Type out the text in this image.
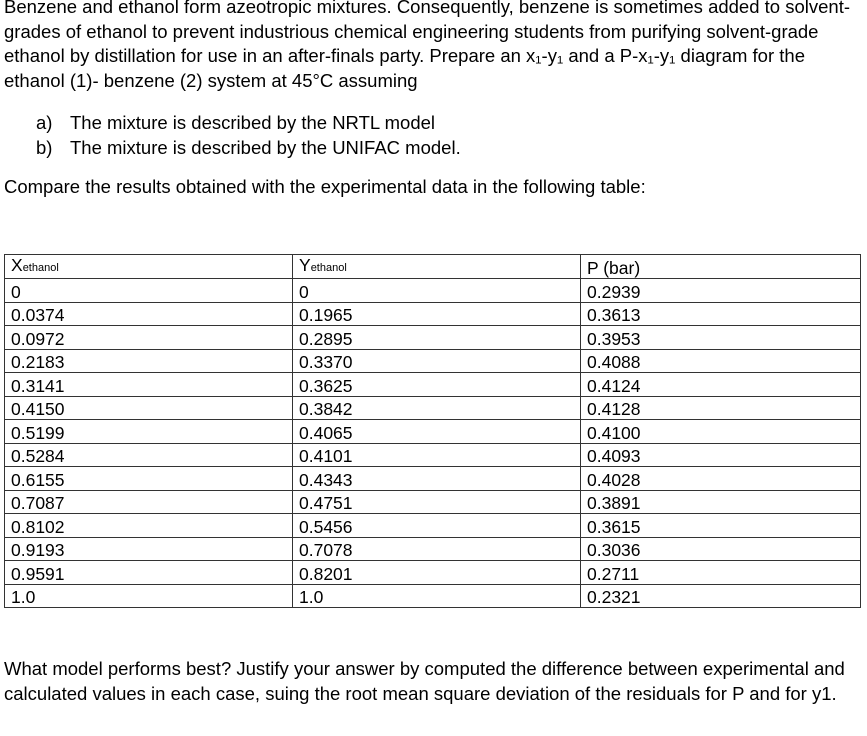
Benzene and ethanol form azeotropic mixtures. Consequently, benzene is sometimes added to solvent-grades of ethanol to prevent industrious chemical engineering students from purifying solvent-grade ethanol by distillation for use in an after-finals party. Prepare an x₁-y₁ and a P-x₁-y₁ diagram for the ethanol (1)- benzene (2) system at 45°C assuming

a) The mixture is described by the NRTL model
b) The mixture is described by the UNIFAC model.

Compare the results obtained with the experimental data in the following table:

Xethanol	Yethanol	P (bar)
0	0	0.2939
0.0374	0.1965	0.3613
0.0972	0.2895	0.3953
0.2183	0.3370	0.4088
0.3141	0.3625	0.4124
0.4150	0.3842	0.4128
0.5199	0.4065	0.4100
0.5284	0.4101	0.4093
0.6155	0.4343	0.4028
0.7087	0.4751	0.3891
0.8102	0.5456	0.3615
0.9193	0.7078	0.3036
0.9591	0.8201	0.2711
1.0	1.0	0.2321

What model performs best? Justify your answer by computed the difference between experimental and calculated values in each case, suing the root mean square deviation of the residuals for P and for y1.
